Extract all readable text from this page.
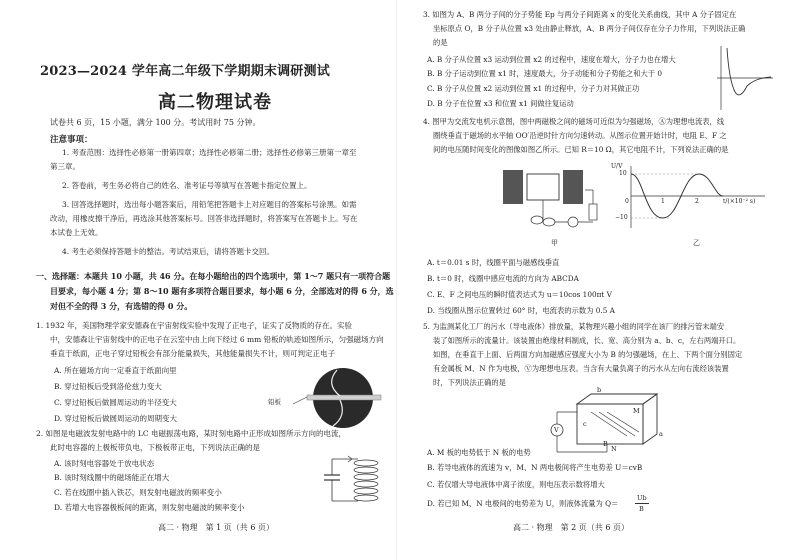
2023—2024 学年高二年级下学期期末调研测试
高二物理试卷
试卷共 6 页，15 小题，满分 100 分。考试用时 75 分钟。
注意事项：
1. 考查范围：选择性必修第一册第四章；选择性必修第二册；选择性必修第三册第一章至
第三章。
2. 答卷前，考生务必将自己的姓名、准考证号等填写在答题卡指定位置上。
3. 回答选择题时，选出每小题答案后，用铅笔把答题卡上对应题目的答案标号涂黑。如需
改动，用橡皮擦干净后，再选涂其他答案标号。回答非选择题时，将答案写在答题卡上。写在
本试卷上无效。
4. 考生必须保持答题卡的整洁。考试结束后，请将答题卡交回。
一、选择题：本题共 10 小题，共 46 分。在每小题给出的四个选项中，第 1～7 题只有一项符合题
目要求，每小题 4 分；第 8～10 题有多项符合题目要求，每小题 6 分，全部选对的得 6 分，选
对但不全的得 3 分，有选错的得 0 分。
1. 1932 年，美国物理学家安德森在宇宙射线实验中发现了正电子，证实了反物质的存在。实验
中，安德森让宇宙射线中的正电子在云室中由上向下经过 6 mm 铅板的轨迹如图所示，匀强磁场方向
垂直于纸面，正电子穿过铅板会有部分能量损失，其他能量损失不计，则可判定正电子
A. 所在磁场方向一定垂直于纸面向里
B. 穿过铅板后受到洛伦兹力变大
C. 穿过铅板后做圆周运动的半径变大
D. 穿过铅板后做圆周运动的周期变大
铅板
2. 如图是电磁波发射电路中的 LC 电磁振荡电路，某时刻电路中正形成如图所示方向的电流，
此时电容器的上极板带负电，下极板带正电，下列说法正确的是
A. 该时刻电容器处于放电状态
B. 该时刻线圈中的磁场能正在增大
C. 若在线圈中插入铁芯，则发射电磁波的频率变小
D. 若增大电容器极板间的距离，则发射电磁波的频率变小
高二 · 物理　第 1 页（共 6 页）
3. 如图为 A、B 两分子间的分子势能 Ep 与两分子间距离 x 的变化关系曲线，其中 A 分子固定在
坐标原点 O，B 分子从位置 x3 处由静止释放，A、B 两分子间仅存在分子力作用，下列说法正确
的是
A. B 分子从位置 x3 运动到位置 x2 的过程中，速度在增大，分子力也在增大
B. B 分子运动到位置 x1 时，速度最大，分子动能和分子势能之和大于 0
C. B 分子从位置 x2 运动到位置 x1 的过程中，分子力对其做正功
D. B 分子在位置 x3 和位置 x1 间做往复运动
4. 图甲为交流发电机示意图，图中两磁极之间的磁场可近似为匀强磁场，Ⓐ为理想电流表，线
圈绕垂直于磁场的水平轴 OO′沿逆时针方向匀速转动。从图示位置开始计时，电阻 E、F 之
间的电压随时间变化的图像如图乙所示。已知 R＝10 Ω，其它电阻不计，下列说法正确的是
U/V
10
−10
0	1	2	t/(×10⁻² s)
甲	乙
A. t＝0.01 s 时，线圈平面与磁感线垂直
B. t＝0 时，线圈中感应电流的方向为 ABCDA
C. E、F 之间电压的瞬时值表达式为 u＝10cos 100πt V
D. 当线圈从图示位置转过 60° 时，电流表的示数为 0.5 A
5. 为监测某化工厂的污水（导电液体）排放量，某物理兴趣小组的同学在该厂的排污管末端安
装了如图所示的流量计。该装置由绝缘材料制成，长、宽、高分别为 a、b、c，左右两端开口。
如图，在垂直于上面、后两面方向加磁感应强度大小为 B 的匀强磁场，在上、下两个面分别固定
有金属板 M、N 作为电极，Ⓥ为理想电压表。当含有大量负离子的污水从左向右流经该装置
时，下列说法正确的是
V
B
M
N
a
b
c
A. M 板的电势低于 N 板的电势
B. 若导电液体的流速为 v，M、N 两电极间将产生电势差 U＝cvB
C. 若仅增大导电液体中离子浓度，则电压表示数将增大
D. 若已知 M、N 电极间的电势差为 U，则液体流量为 Q＝
Ub
B
高二 · 物理　第 2 页（共 6 页）
